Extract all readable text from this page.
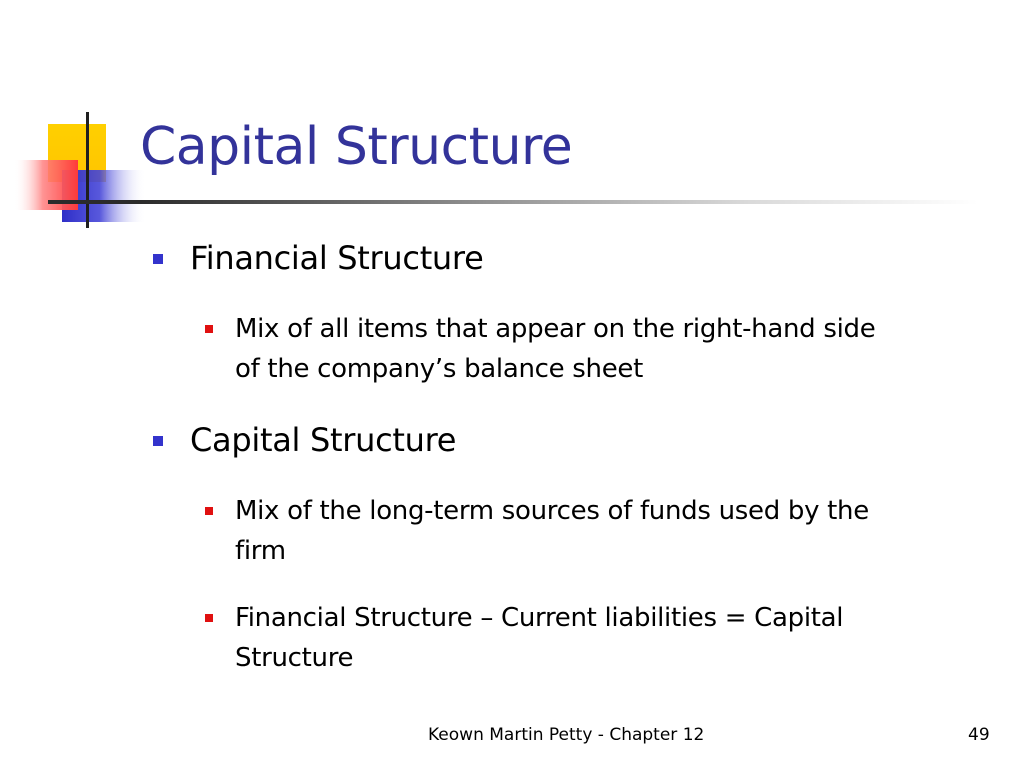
Capital Structure
Financial Structure
Mix of all items that appear on the right-hand side
of the company’s balance sheet
Capital Structure
Mix of the long-term sources of funds used by the
firm
Financial Structure – Current liabilities = Capital
Structure
Keown Martin Petty - Chapter 12	49
